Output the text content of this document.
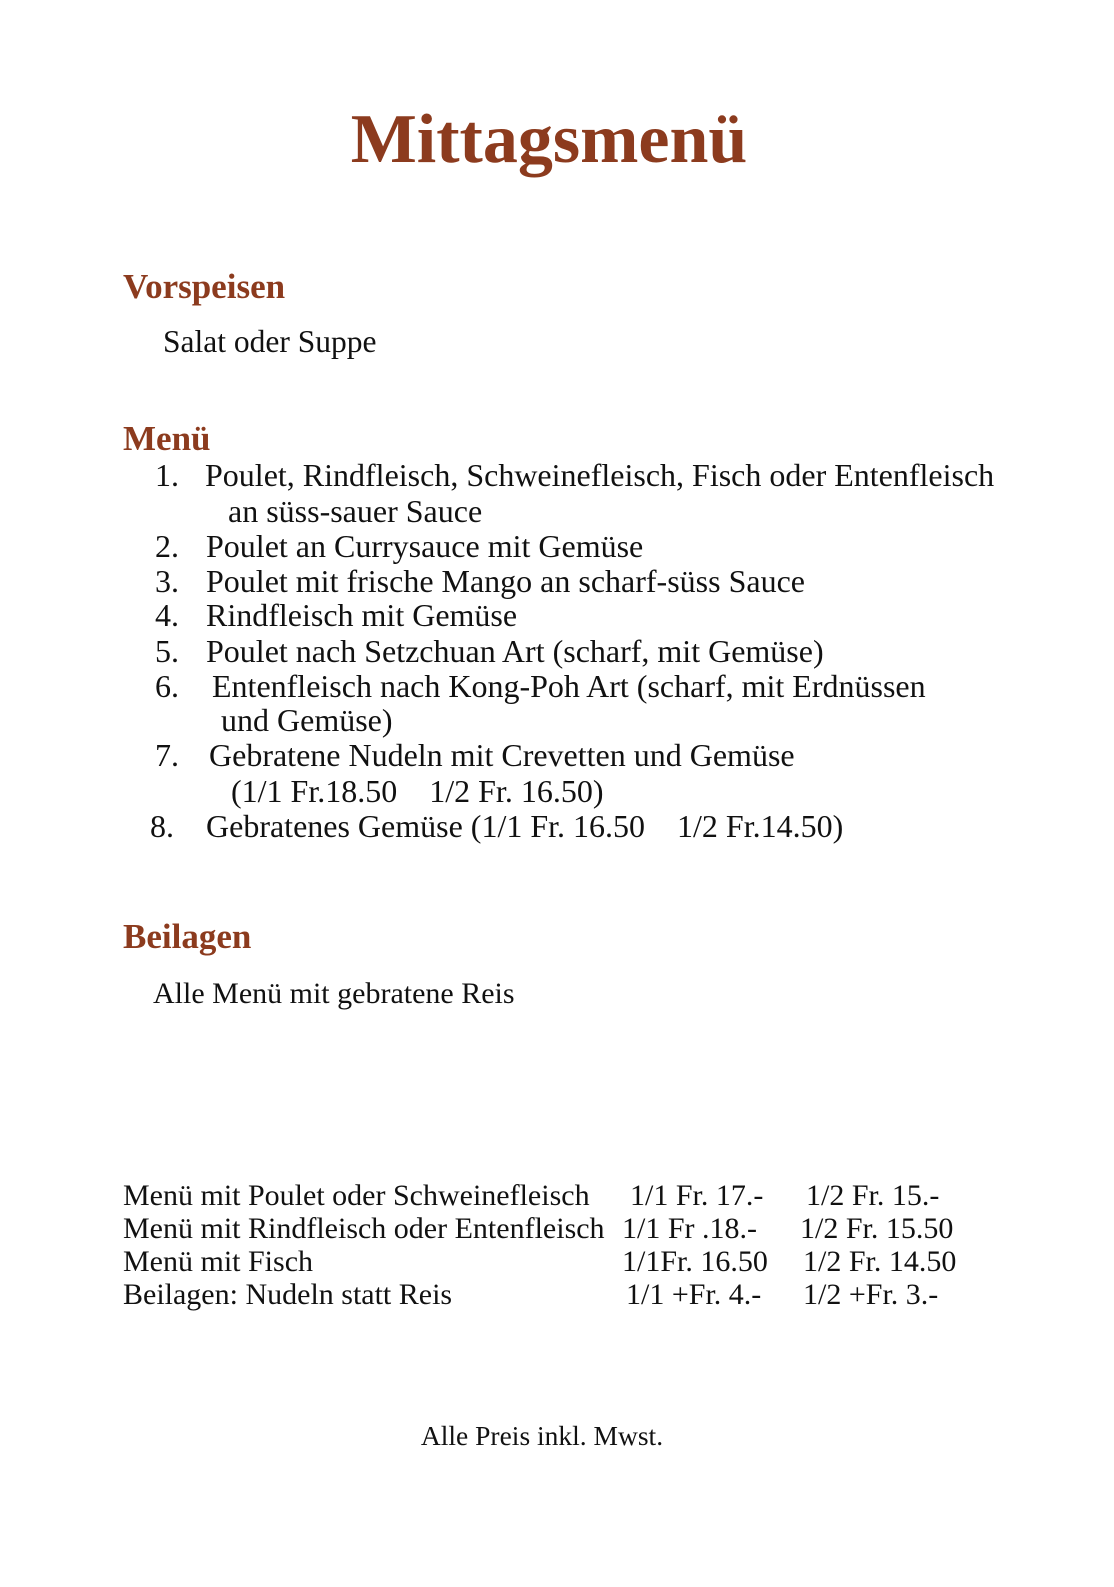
Mittagsmenü
Vorspeisen
Salat oder Suppe
Menü
1. Poulet, Rindfleisch, Schweinefleisch, Fisch oder Entenfleisch
an süss-sauer Sauce
2. Poulet an Currysauce mit Gemüse
3. Poulet mit frische Mango an scharf-süss Sauce
4. Rindfleisch mit Gemüse
5. Poulet nach Setzchuan Art (scharf, mit Gemüse)
6. Entenfleisch nach Kong-Poh Art (scharf, mit Erdnüssen
und Gemüse)
7. Gebratene Nudeln mit Crevetten und Gemüse
(1/1 Fr.18.50    1/2 Fr. 16.50)
8. Gebratenes Gemüse (1/1 Fr. 16.50    1/2 Fr.14.50)
Beilagen
Alle Menü mit gebratene Reis
Menü mit Poulet oder Schweinefleisch 1/1 Fr. 17.- 1/2 Fr. 15.-
Menü mit Rindfleisch oder Entenfleisch 1/1 Fr .18.- 1/2 Fr. 15.50
Menü mit Fisch	1/1Fr. 16.50 1/2 Fr. 14.50
Beilagen: Nudeln statt Reis	1/1 +Fr. 4.- 1/2 +Fr. 3.-
Alle Preis inkl. Mwst.
